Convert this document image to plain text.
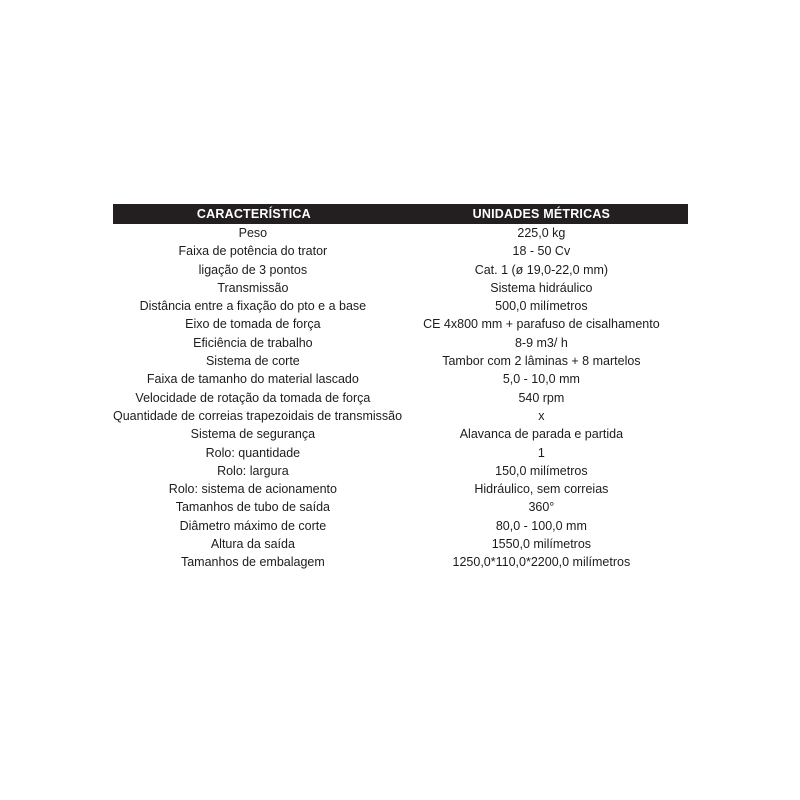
CARACTERÍSTICA	UNIDADES MÉTRICAS
Peso	225,0 kg
Faixa de potência do trator	18 - 50 Cv
ligação de 3 pontos	Cat. 1 (ø 19,0-22,0 mm)
Transmissão	Sistema hidráulico
Distância entre a fixação do pto e a base	500,0 milímetros
Eixo de tomada de força	CE 4x800 mm + parafuso de cisalhamento
Eficiência de trabalho	8-9 m3/ h
Sistema de corte	Tambor com 2 lâminas + 8 martelos
Faixa de tamanho do material lascado	5,0 - 10,0 mm
Velocidade de rotação da tomada de força	540 rpm
Quantidade de correias trapezoidais de transmissão	x
Sistema de segurança	Alavanca de parada e partida
Rolo: quantidade	1
Rolo: largura	150,0 milímetros
Rolo: sistema de acionamento	Hidráulico, sem correias
Tamanhos de tubo de saída	360°
Diâmetro máximo de corte	80,0 - 100,0 mm
Altura da saída	1550,0 milímetros
Tamanhos de embalagem	1250,0*110,0*2200,0 milímetros
